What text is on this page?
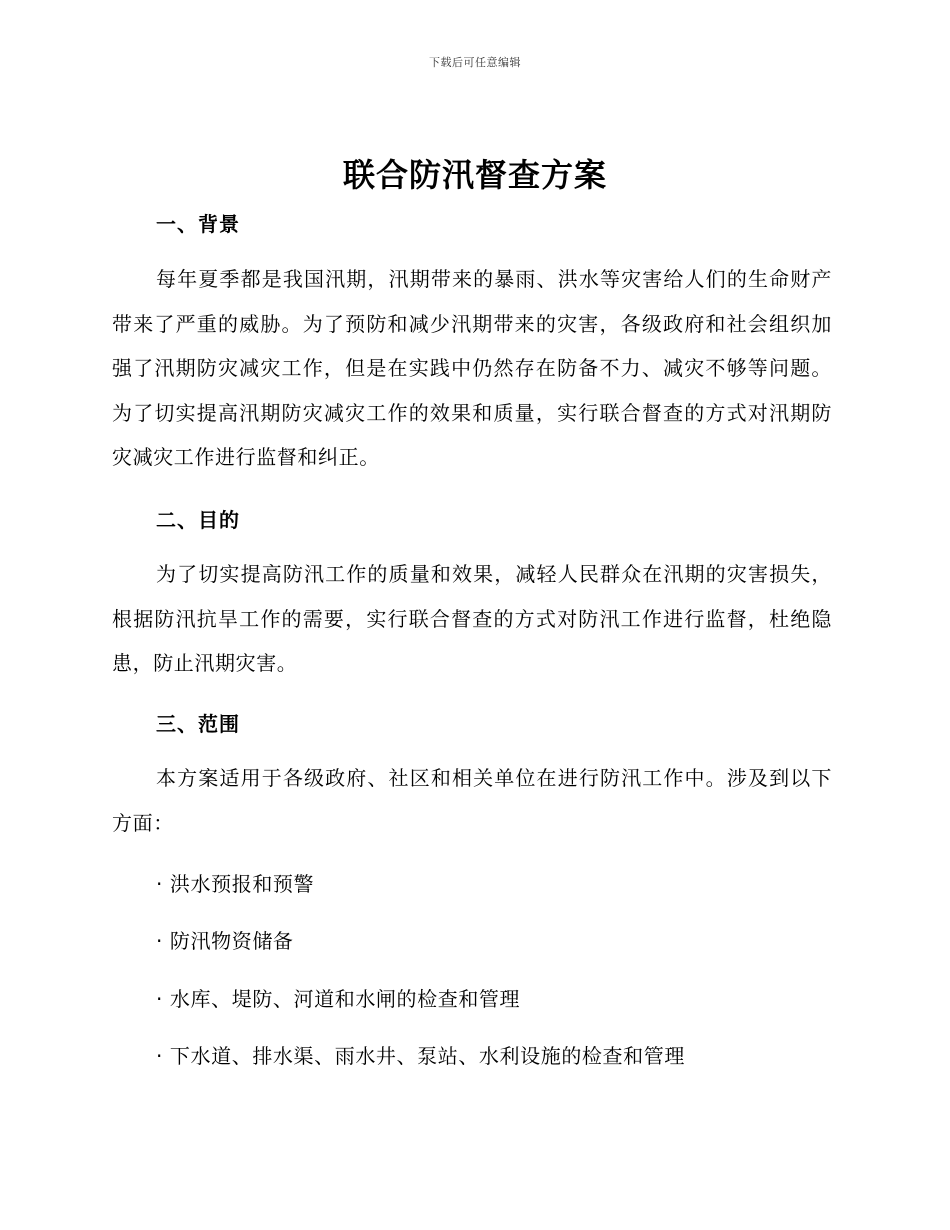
下载后可任意编辑
联合防汛督查方案
一、背景
每年夏季都是我国汛期，汛期带来的暴雨、洪水等灾害给人们的生命财产带来了严重的威胁。为了预防和减少汛期带来的灾害，各级政府和社会组织加强了汛期防灾减灾工作，但是在实践中仍然存在防备不力、减灾不够等问题。为了切实提高汛期防灾减灾工作的效果和质量，实行联合督查的方式对汛期防灾减灾工作进行监督和纠正。
二、目的
为了切实提高防汛工作的质量和效果，减轻人民群众在汛期的灾害损失，根据防汛抗旱工作的需要，实行联合督查的方式对防汛工作进行监督，杜绝隐患，防止汛期灾害。
三、范围
本方案适用于各级政府、社区和相关单位在进行防汛工作中。涉及到以下方面：
· 洪水预报和预警
· 防汛物资储备
· 水库、堤防、河道和水闸的检查和管理
· 下水道、排水渠、雨水井、泵站、水利设施的检查和管理
